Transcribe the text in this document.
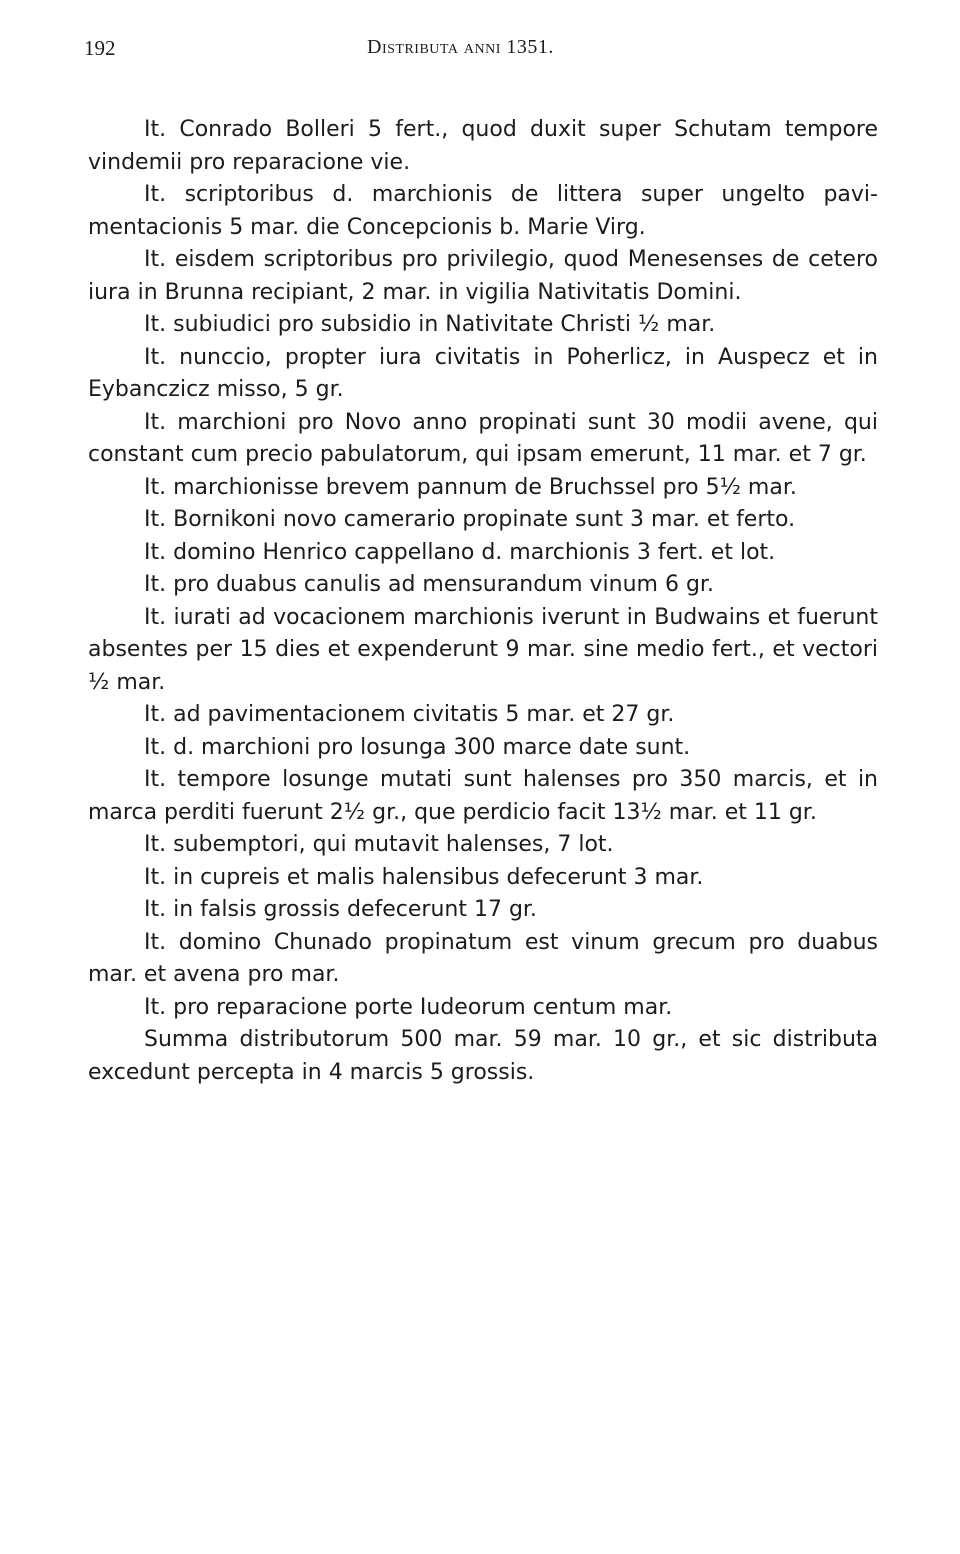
192	Distributa anni 1351.

It. Conrado Bolleri 5 fert., quod duxit super Schutam tempore vindemii pro reparacione vie.

It. scriptoribus d. marchionis de littera super ungelto pavimentacionis 5 mar. die Concepcionis b. Marie Virg.

It. eisdem scriptoribus pro privilegio, quod Menesenses de cetero iura in Brunna recipiant, 2 mar. in vigilia Nativitatis Domini.

It. subiudici pro subsidio in Nativitate Christi ½ mar.

It. nunccio, propter iura civitatis in Poherlicz, in Auspecz et in Eybanczicz misso, 5 gr.

It. marchioni pro Novo anno propinati sunt 30 modii avene, qui constant cum precio pabulatorum, qui ipsam emerunt, 11 mar. et 7 gr.

It. marchionisse brevem pannum de Bruchssel pro 5½ mar.

It. Bornikoni novo camerario propinate sunt 3 mar. et ferto.

It. domino Henrico cappellano d. marchionis 3 fert. et lot.

It. pro duabus canulis ad mensurandum vinum 6 gr.

It. iurati ad vocacionem marchionis iverunt in Budwains et fuerunt absentes per 15 dies et expenderunt 9 mar. sine medio fert., et vectori ½ mar.

It. ad pavimentacionem civitatis 5 mar. et 27 gr.

It. d. marchioni pro losunga 300 marce date sunt.

It. tempore losunge mutati sunt halenses pro 350 marcis, et in marca perditi fuerunt 2½ gr., que perdicio facit 13½ mar. et 11 gr.

It. subemptori, qui mutavit halenses, 7 lot.

It. in cupreis et malis halensibus defecerunt 3 mar.

It. in falsis grossis defecerunt 17 gr.

It. domino Chunado propinatum est vinum grecum pro duabus mar. et avena pro mar.

It. pro reparacione porte Iudeorum centum mar.

Summa distributorum 500 mar. 59 mar. 10 gr., et sic distributa excedunt percepta in 4 marcis 5 grossis.
